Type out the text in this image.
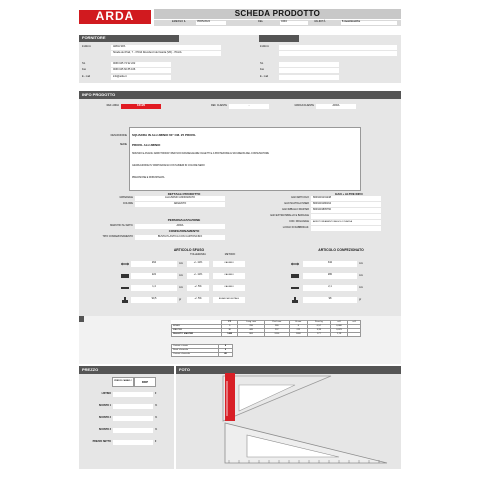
ARDA	SCHEDA PRODOTTO
EMESSO IL	05/05/2024	DEL	0494	VALIDITÀ	6 mesi/months
FORNITORE
Indirizzo	ARDA SPA
Strada dei Prati, 7 - 37014 Rovellenzi del Garda (VR) - ITALIA
Tel.	0039 045 74 92 222
Fax	0039 045 60 85 166
E - mail	info@arda.it
Indirizzo
Tel.
Fax
E - mail
INFO PRODOTTO
REF. ARDA	16120	REF. CLIENTE	-	MARCA/CLIENTE	ARDA
DESCRIZIONE SQUADRA IN ALLUMINIO 60° CM. 25 PROFIL
PROFIL ALLUMINIO
SMUSSO E ANGOLI ARROTONDATI PER NON DANNEGGIARE OGGETTI E A PROTEZIONE E SICUREZZA DEL CONSUMATORE
GRADUAZIONE IN TAMPOGRAFIA CON NUMERI IN COLORE NERO
PRECISIONE E ROBUSTEZZA
SERIE
DETTAGLI PRODOTTO
MATERIALE	ALLUMINIO ANODIZZATO
COLORE	ARGENTO
PERSONALIZZAZIONE
MARCHIO SU ARTIC	ARDA
CONFEZIONAMENTO
TIPO CONFEZIONAMENTO	BUSTA PLASTICA CON CARTONCINO
EAN + ALTRE INFO
EAN ARTICOLO	8003419131248
EAN SCATOLA INNER	8003419180164
EAN IMBALLO MASTER	8003419805760
EAN EXTRA IMBALLO E BARCALE
COD. DOGANALE	ARROTONDAMENTO ANGOLO IN ARDA
LUOGO DI FABBRICAZ.
ARTICOLO SFUSO
TOLLERANZA	METODO
ARTICOLO CONFEZIONATO
	PZ	Lung. mm	Prof. mm	H mm	Peso kg	m3	m3
INNER	5	290	280	8	0,57	0,060	
MASTER	30	440	237	222	3,39	0,023	
PALLETZ. MASTER	1440	800	1200	1466	177	1,18	
Cartoni x strato	8
Strati x bancale	6
Cartoni x bancale	48
PREZZO
PREZZO CAMBIO €	DDP
FOTO
264	mm	+/- 11%	CALIBRO
222	mm	+/- 11%	CALIBRO
1,4	mm	+/- 5%	CALIBRO
90,5	gr	+/- 5%	BILANCIA DIGITALE
342	mm
280	mm
2,1	mm
98	gr
LISTINO	€
SCONTO 1	%
SCONTO 2	%
SCONTO 3	%
PREZZO NETTO	€
